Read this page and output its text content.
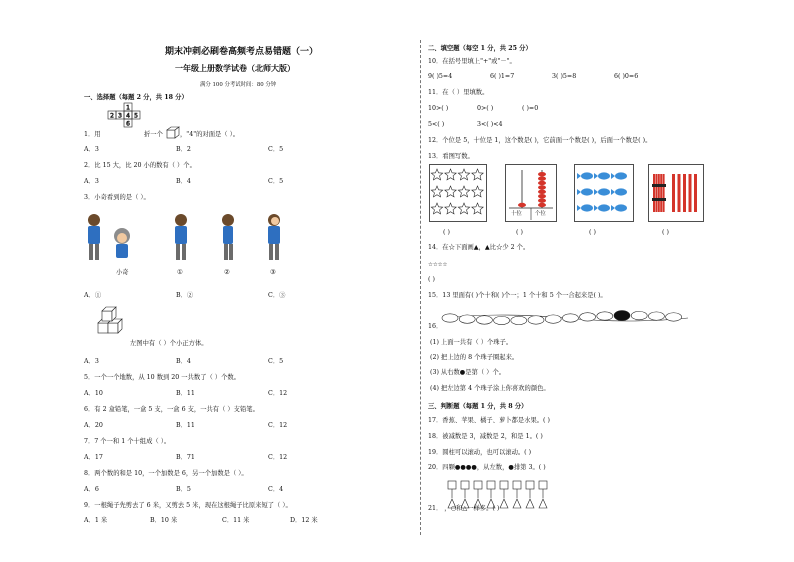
期末冲刺必刷卷高频考点易错题（一）
一年级上册数学试卷（北师大版）
满分 100 分考试时间：80 分钟
一、选择题（每题 2 分，共 18 分）
1
2 3 4 5
6
1．用	折一个	，"4"的对面是（ ）。
A．3	B．2	C．5
2．比 15 大，比 20 小的数有（ ）个。
A．3	B．4	C．5
3．小奇看到的是（ ）。
小奇	①	②	③
A．①	B．②	C．③
左图中有（ ）个小正方体。
A．3	B．4	C．5
5．一个一个地数，从 10 数到 20 一共数了（ ）个数。
A．10	B．11	C．12
6．有 2 盒铅笔，一盒 5 支，一盒 6 支，一共有（ ）支铅笔。
A．20	B．11	C．12
7．7 个一和 1 个十组成（ ）。
A．17	B．71	C．12
8．两个数的和是 10，一个加数是 6，另一个加数是（ ）。
A．6	B．5	C．4
9．一根绳子先剪去了 6 米，又剪去 5 米，现在这根绳子比原来短了（ ）。
A．1 米	B．10 米	C．11 米	D．12 米
二、填空题（每空 1 分，共 25 分）
10．在括号里填上"+"或"－"。
9( )5=4	6( )1=7	3( )5=8	6( )0=6
11．在（ ）里填数。
10>( )	0>( )	( )=0
5<( )	3<( )<4
12．个位是 5，十位是 1，这个数是( )，它前面一个数是( )，后面一个数是( )。
13．看图写数。
十位 个位
( )	( )	( )	( )
14．在☆下面画▲，▲比☆少 2 个。
☆☆☆☆
( )
15．13 里面有( )个十和( )个一；1 个十和 5 个一合起来是( )。
16．
(1) 上面一共有（ ）个珠子。
(2) 把上边的 8 个珠子圈起来。
(3) 从右数●是第（ ）个。
(4) 把左边第 4 个珠子涂上你喜欢的颜色。
三、判断题（每题 1 分，共 8 分）
17．香蕉、苹果、橘子、萝卜都是水果。( )
18．被减数是 3，减数是 2，和是 1。( )
19．圆柱可以滚动，也可以滚动。( )
20．四颗●●●●，从左数，●排第 3。( )
21． ，○和△一样多。( )
